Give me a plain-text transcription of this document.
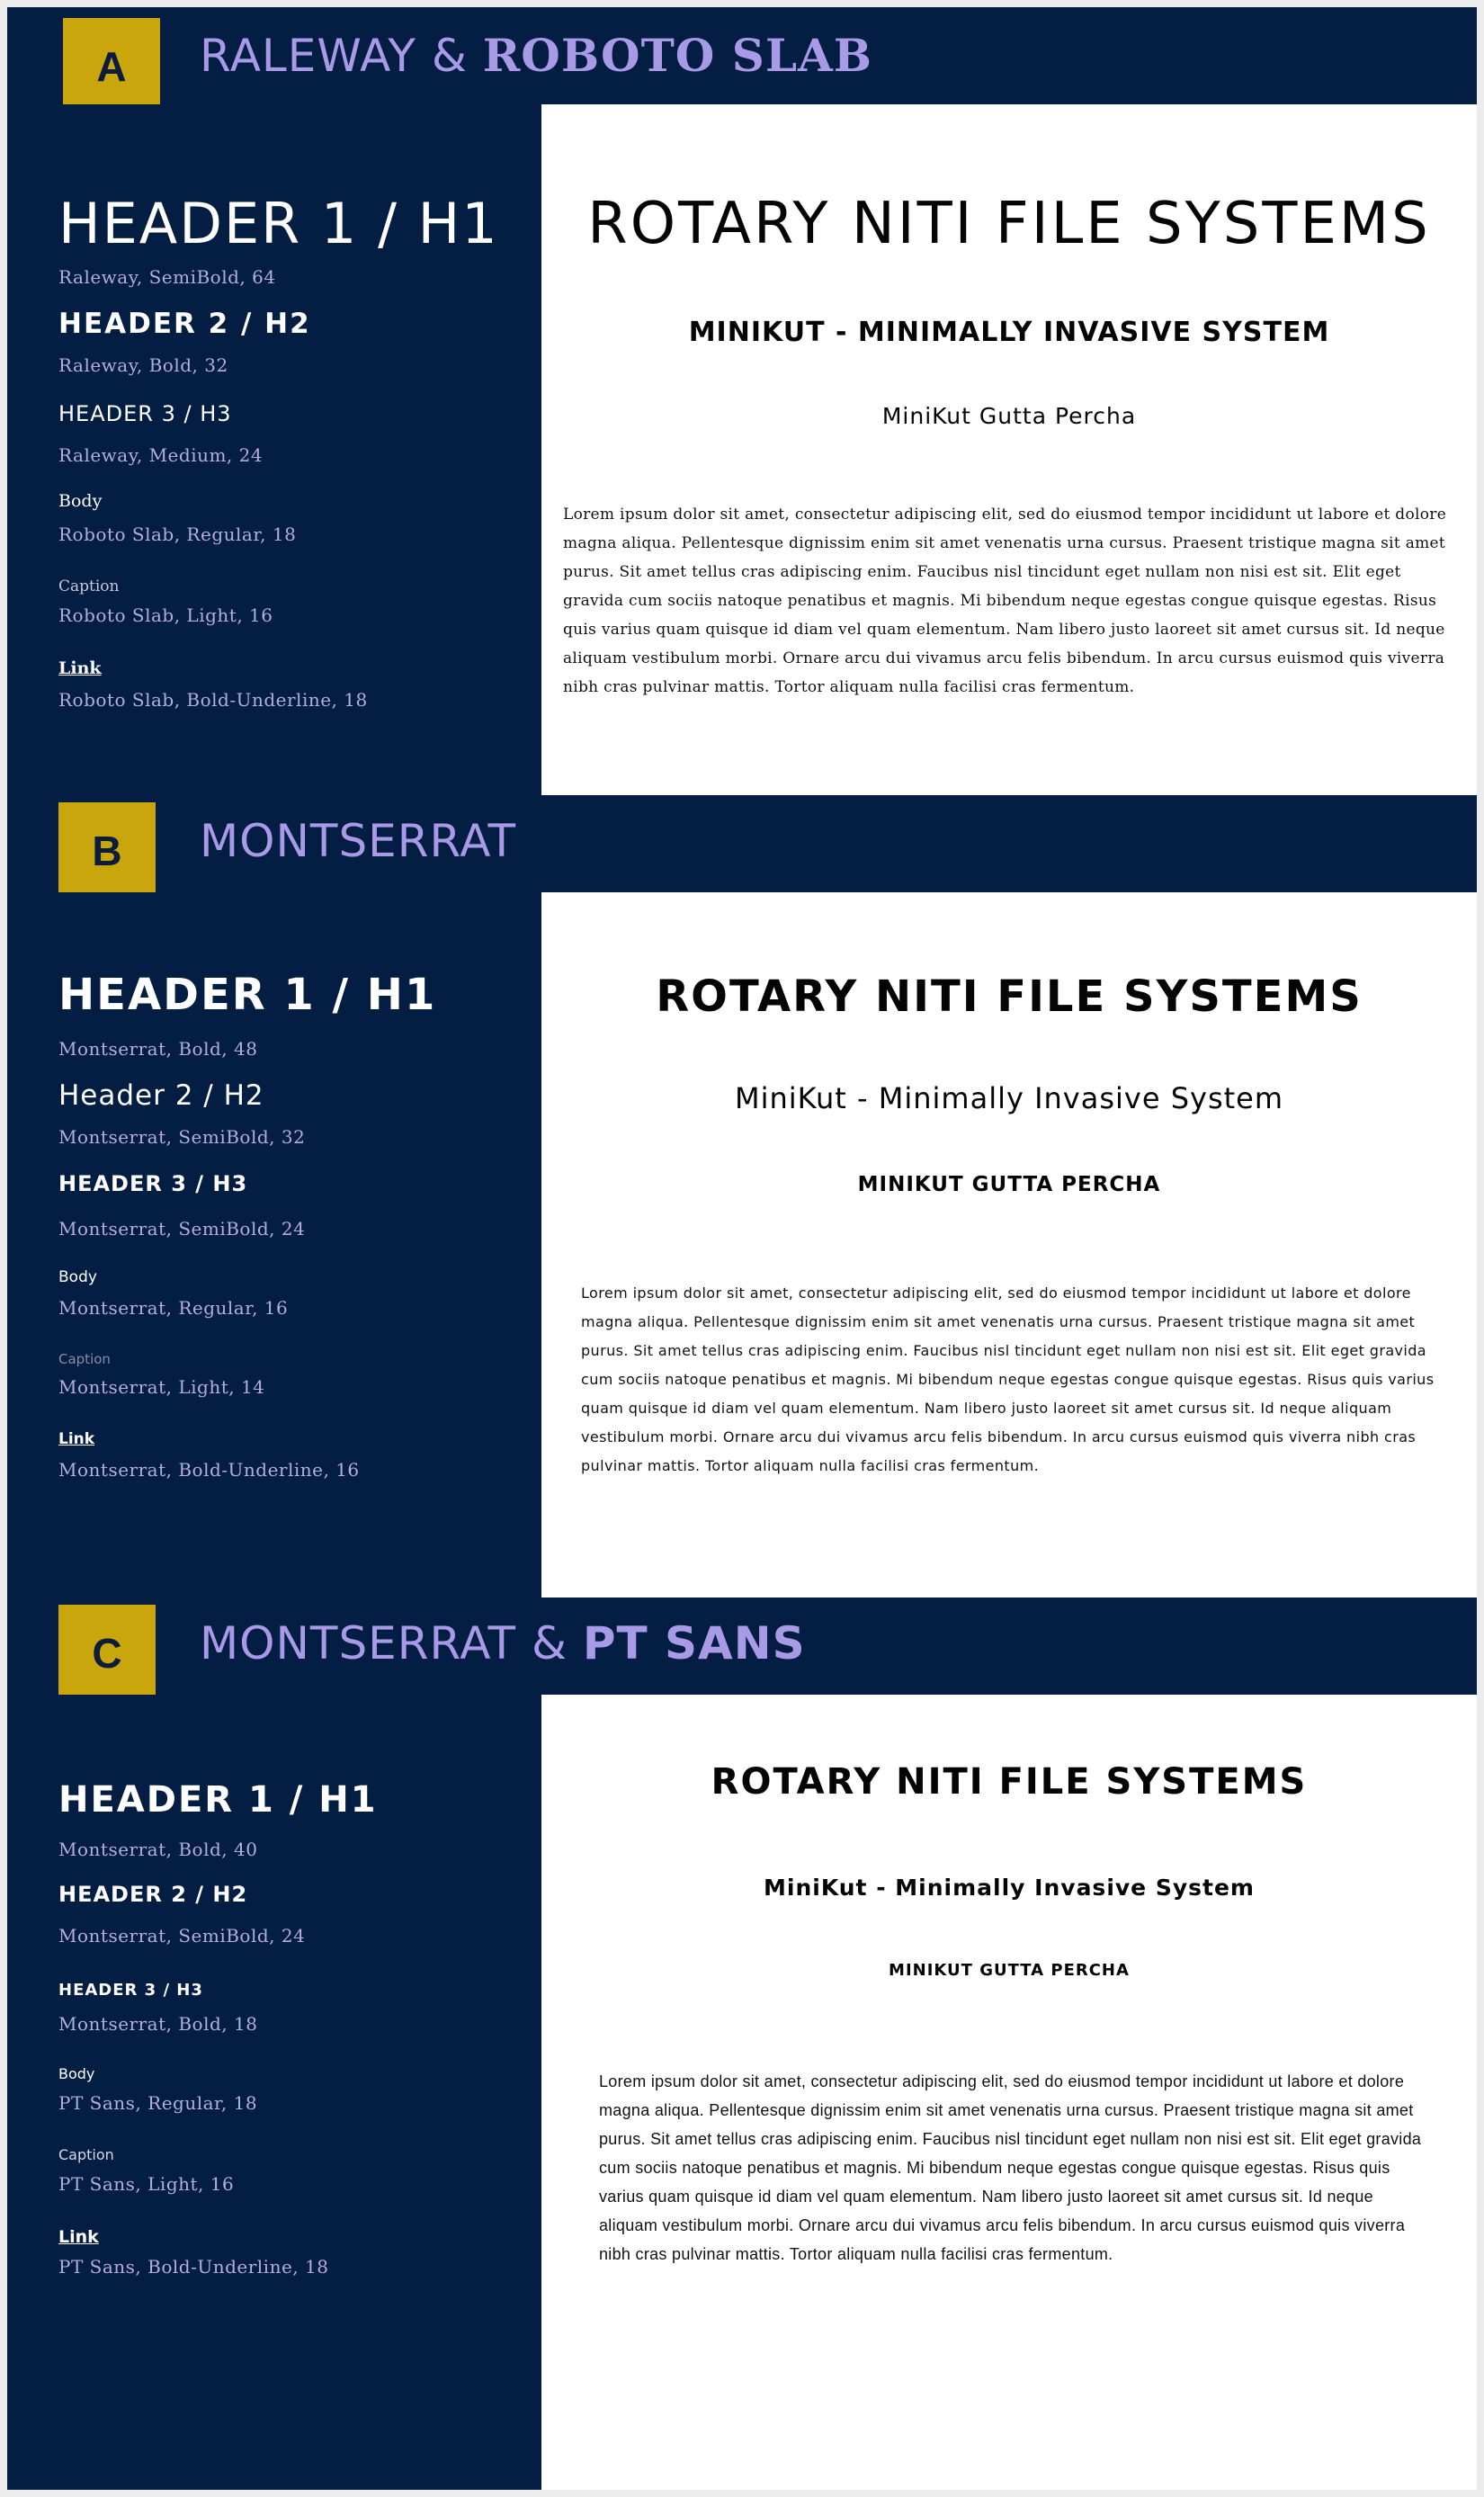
A	RALEWAY & ROBOTO SLAB
HEADER 1 / H1
Raleway, SemiBold, 64
HEADER 2 / H2
Raleway, Bold, 32
HEADER 3 / H3
Raleway, Medium, 24
Body
Roboto Slab, Regular, 18
Caption
Roboto Slab, Light, 16
Link
Roboto Slab, Bold-Underline, 18
ROTARY NITI FILE SYSTEMS
MINIKUT - MINIMALLY INVASIVE SYSTEM
MiniKut Gutta Percha
Lorem ipsum dolor sit amet, consectetur adipiscing elit, sed do eiusmod tempor incididunt ut labore et dolore magna aliqua. Pellentesque dignissim enim sit amet venenatis urna cursus. Praesent tristique magna sit amet purus. Sit amet tellus cras adipiscing enim. Faucibus nisl tincidunt eget nullam non nisi est sit. Elit eget gravida cum sociis natoque penatibus et magnis. Mi bibendum neque egestas congue quisque egestas. Risus quis varius quam quisque id diam vel quam elementum. Nam libero justo laoreet sit amet cursus sit. Id neque aliquam vestibulum morbi. Ornare arcu dui vivamus arcu felis bibendum. In arcu cursus euismod quis viverra nibh cras pulvinar mattis. Tortor aliquam nulla facilisi cras fermentum.
B	MONTSERRAT
HEADER 1 / H1
Montserrat, Bold, 48
Header 2 / H2
Montserrat, SemiBold, 32
HEADER 3 / H3
Montserrat, SemiBold, 24
Body
Montserrat, Regular, 16
Caption
Montserrat, Light, 14
Link
Montserrat, Bold-Underline, 16
ROTARY NITI FILE SYSTEMS
MiniKut - Minimally Invasive System
MINIKUT GUTTA PERCHA
Lorem ipsum dolor sit amet, consectetur adipiscing elit, sed do eiusmod tempor incididunt ut labore et dolore magna aliqua. Pellentesque dignissim enim sit amet venenatis urna cursus. Praesent tristique magna sit amet purus. Sit amet tellus cras adipiscing enim. Faucibus nisl tincidunt eget nullam non nisi est sit. Elit eget gravida cum sociis natoque penatibus et magnis. Mi bibendum neque egestas congue quisque egestas. Risus quis varius quam quisque id diam vel quam elementum. Nam libero justo laoreet sit amet cursus sit. Id neque aliquam vestibulum morbi. Ornare arcu dui vivamus arcu felis bibendum. In arcu cursus euismod quis viverra nibh cras pulvinar mattis. Tortor aliquam nulla facilisi cras fermentum.
C	MONTSERRAT & PT SANS
HEADER 1 / H1
Montserrat, Bold, 40
HEADER 2 / H2
Montserrat, SemiBold, 24
HEADER 3 / H3
Montserrat, Bold, 18
Body
PT Sans, Regular, 18
Caption
PT Sans, Light, 16
Link
PT Sans, Bold-Underline, 18
ROTARY NITI FILE SYSTEMS
MiniKut - Minimally Invasive System
MINIKUT GUTTA PERCHA
Lorem ipsum dolor sit amet, consectetur adipiscing elit, sed do eiusmod tempor incididunt ut labore et dolore magna aliqua. Pellentesque dignissim enim sit amet venenatis urna cursus. Praesent tristique magna sit amet purus. Sit amet tellus cras adipiscing enim. Faucibus nisl tincidunt eget nullam non nisi est sit. Elit eget gravida cum sociis natoque penatibus et magnis. Mi bibendum neque egestas congue quisque egestas. Risus quis varius quam quisque id diam vel quam elementum. Nam libero justo laoreet sit amet cursus sit. Id neque aliquam vestibulum morbi. Ornare arcu dui vivamus arcu felis bibendum. In arcu cursus euismod quis viverra nibh cras pulvinar mattis. Tortor aliquam nulla facilisi cras fermentum.
